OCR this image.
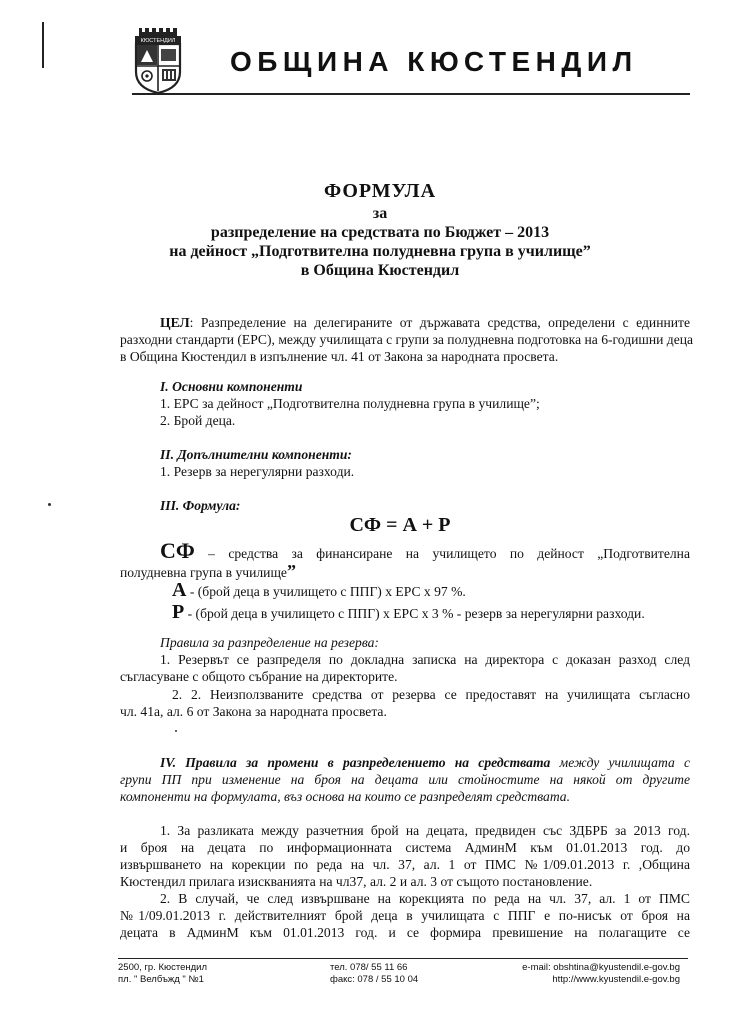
КЮСТЕНДИЛ
ОБЩИНА КЮСТЕНДИЛ
ФОРМУЛА
за
разпределение на средствата по Бюджет – 2013
на дейност „Подготвителна полудневна група в училище”
в Община Кюстендил
ЦЕЛ: Разпределение на делегираните от държавата средства, определени с единните
разходни стандарти (ЕРС), между училищата с групи за полудневна подготовка на 6-годишни деца
в Община Кюстендил в изпълнение чл. 41 от Закона за народната просвета.
I. Основни компоненти
1. ЕРС за дейност „Подготвителна полудневна група в училище”;
2. Брой деца.
II. Допълнителни компоненти:
1. Резерв за нерегулярни разходи.
III. Формула:
СФ = А + Р
СФ – средства за финансиране на училището по дейност „Подготвителна
полудневна група в училище”
А - (брой деца в училището с ППГ) х ЕРС х 97 %.
Р - (брой деца в училището с ППГ) х ЕРС х 3 % - резерв за нерегулярни разходи.
Правила за разпределение на резерва:
1. Резервът се разпределя по докладна записка на директора с доказан разход след
съгласуване с общото събрание на директорите.
2. 2. Неизползваните средства от резерва се предоставят на училищата съгласно
чл. 41а, ал. 6 от Закона за народната просвета.
IV. Правила за промени в разпределението на средствата между училищата с
групи ПП при изменение на броя на децата или стойностите на някой от другите
компоненти на формулата, въз основа на които се разпределят средствата.
1. За разликата между разчетния брой на децата, предвиден със ЗДБРБ за 2013 год.
и броя на децата по информационната система АдминМ към 01.01.2013 год. до
извършването на корекции по реда на чл. 37, ал. 1 от ПМС №1/09.01.2013 г. ,Община
Кюстендил прилага изискванията на чл37, ал. 2 и ал. 3 от същото постановление.
2. В случай, че след извършване на корекцията по реда на чл. 37, ал. 1 от ПМС
№1/09.01.2013 г. действителният брой деца в училищата с ППГ е по-нисък от броя на
децата в АдминМ към 01.01.2013 год. и се формира превишение на полагащите се
2500, гр. Кюстендил
пл. " Велбъжд " №1
тел. 078/ 55 11 66
факс: 078 / 55 10 04
e-mail: obshtina@kyustendil.e-gov.bg
http://www.kyustendil.e-gov.bg
